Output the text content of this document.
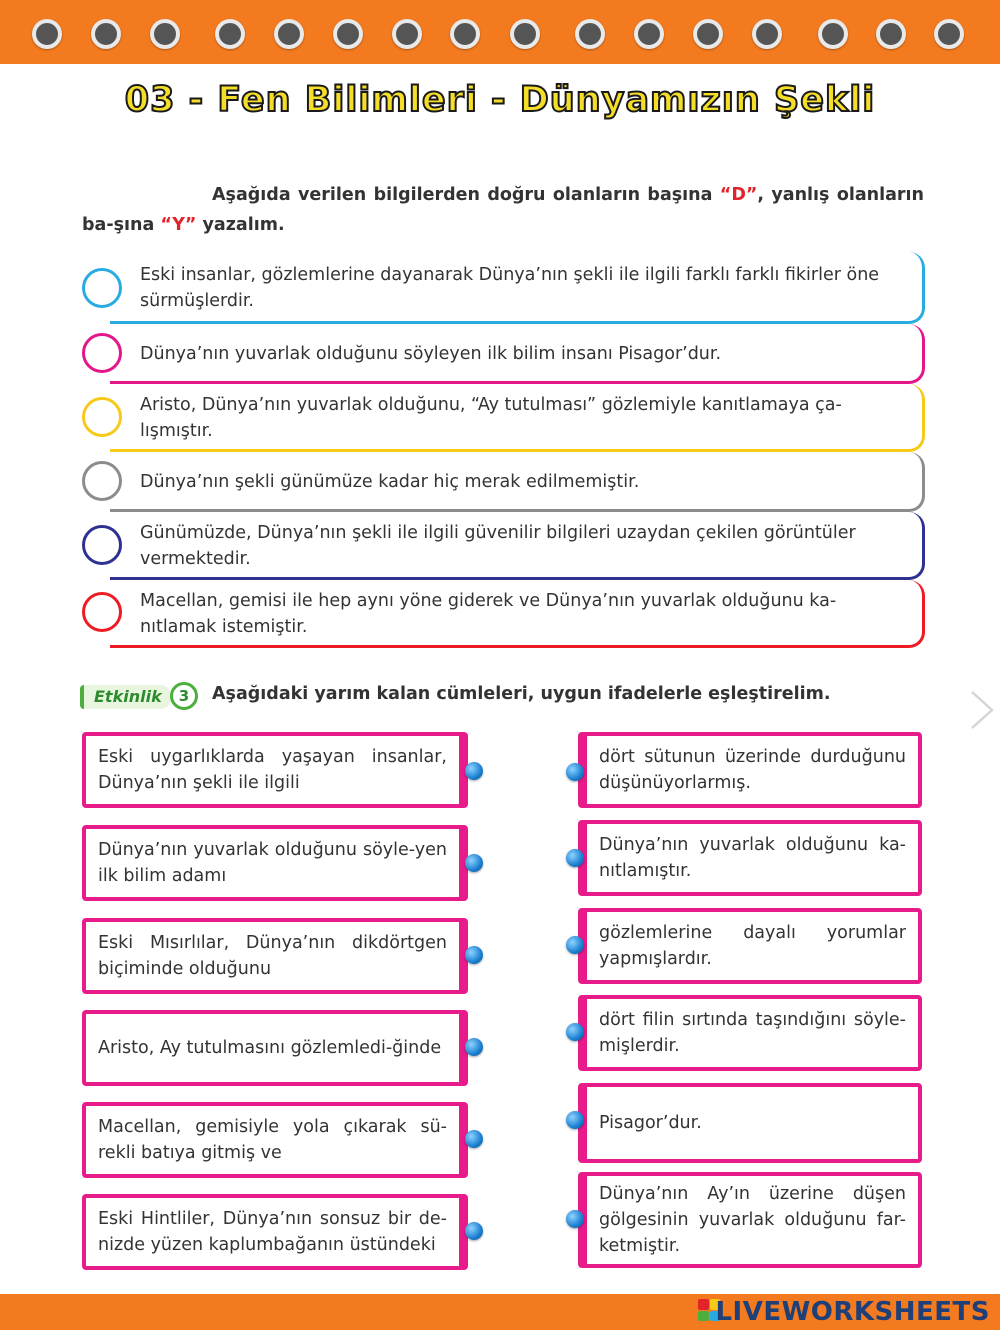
03 - Fen Bilimleri - Dünyamızın Şekli
Aşağıda verilen bilgilerden doğru olanların başına “D”, yanlış olanların ba-şına “Y” yazalım.
Eski insanlar, gözlemlerine dayanarak Dünya’nın şekli ile ilgili farklı farklı fikirler öne sürmüşlerdir.
Dünya’nın yuvarlak olduğunu söyleyen ilk bilim insanı Pisagor’dur.
Aristo, Dünya’nın yuvarlak olduğunu, “Ay tutulması” gözlemiyle kanıtlamaya ça-lışmıştır.
Dünya’nın şekli günümüze kadar hiç merak edilmemiştir.
Günümüzde, Dünya’nın şekli ile ilgili güvenilir bilgileri uzaydan çekilen görüntüler vermektedir.
Macellan, gemisi ile hep aynı yöne giderek ve Dünya’nın yuvarlak olduğunu ka-nıtlamak istemiştir.
Etkinlik	3	Aşağıdaki yarım kalan cümleleri, uygun ifadelerle eşleştirelim.
Eski uygarlıklarda yaşayan insanlar, Dünya’nın şekli ile ilgili
Dünya’nın yuvarlak olduğunu söyle-yen ilk bilim adamı
Eski Mısırlılar, Dünya’nın dikdörtgen biçiminde olduğunu
Aristo, Ay tutulmasını gözlemledi-ğinde
Macellan, gemisiyle yola çıkarak sü-rekli batıya gitmiş ve
Eski Hintliler, Dünya’nın sonsuz bir de-nizde yüzen kaplumbağanın üstündeki
dört sütunun üzerinde durduğunu düşünüyorlarmış.
Dünya’nın yuvarlak olduğunu ka-nıtlamıştır.
gözlemlerine dayalı yorumlar yapmışlardır.
dört filin sırtında taşındığını söyle-mişlerdir.
Pisagor’dur.
Dünya’nın Ay’ın üzerine düşen gölgesinin yuvarlak olduğunu far-ketmiştir.
LIVEWORKSHEETS
